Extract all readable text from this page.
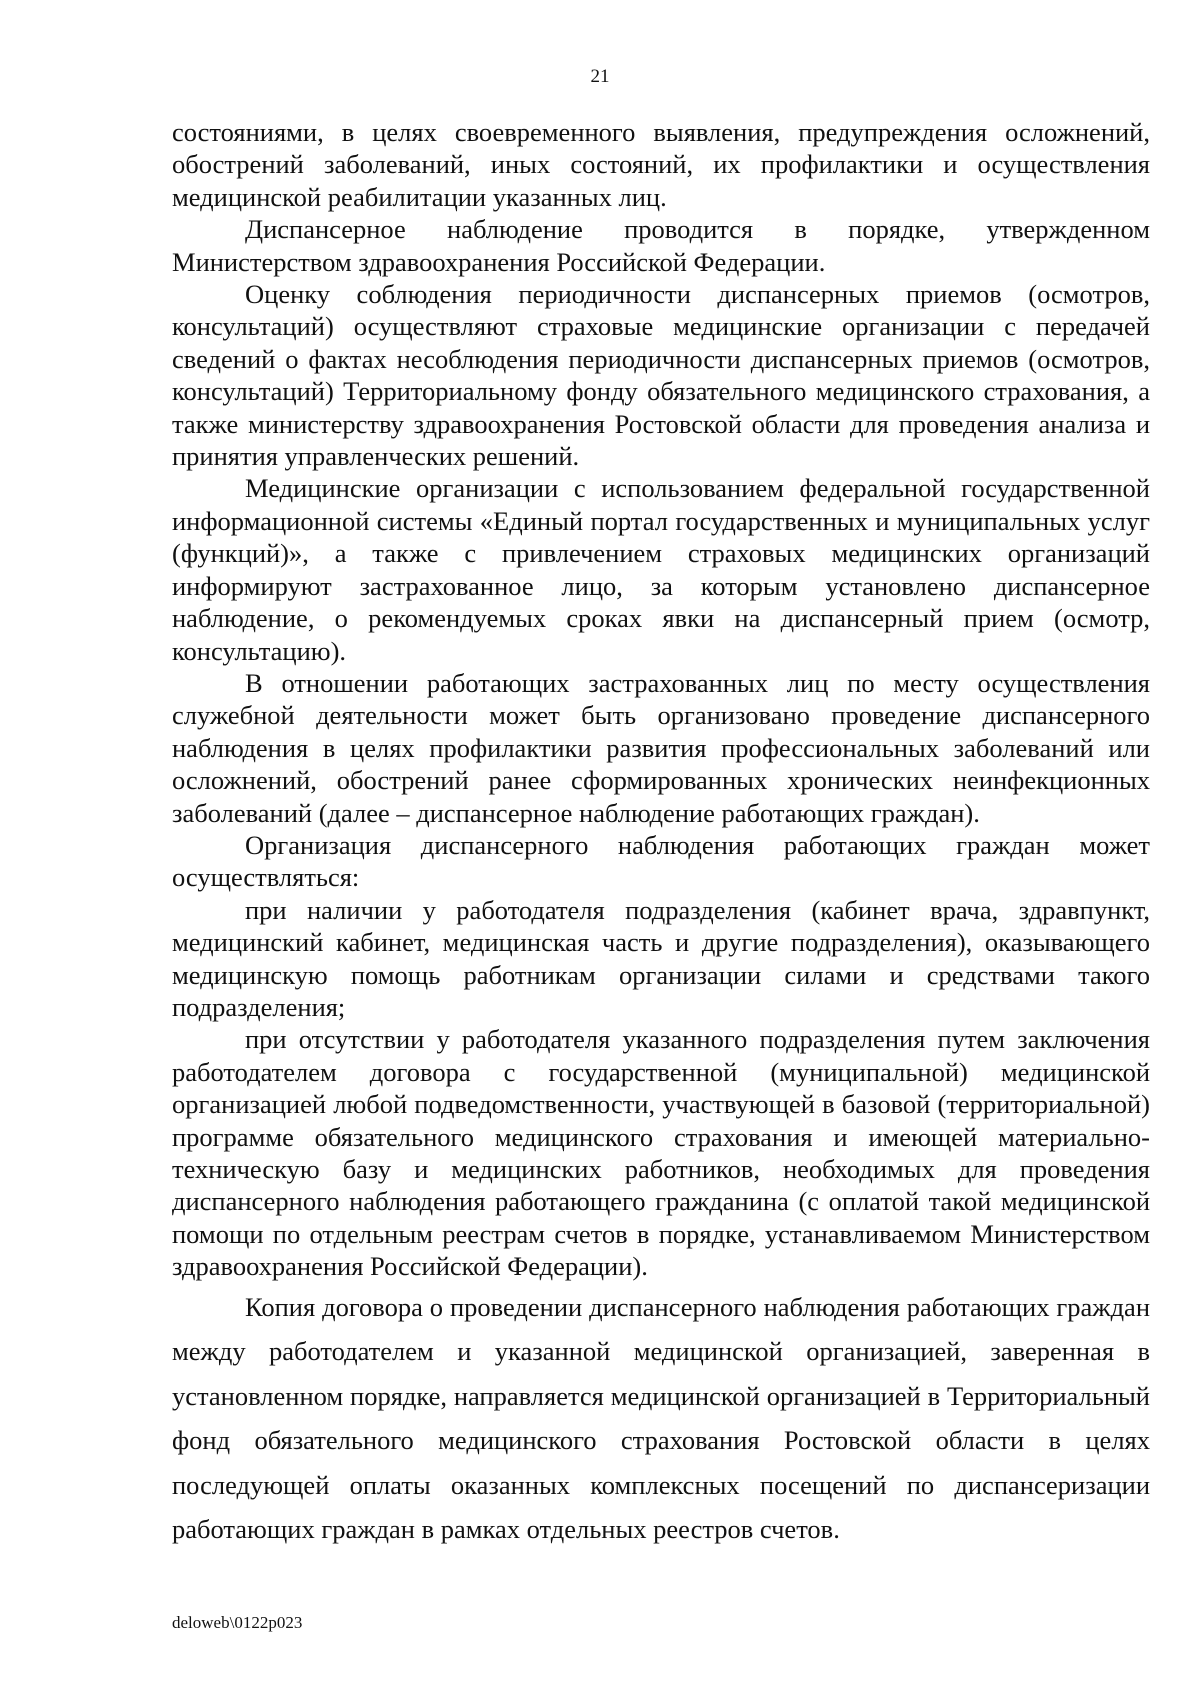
21

состояниями, в целях своевременного выявления, предупреждения осложнений, обострений заболеваний, иных состояний, их профилактики и осуществления медицинской реабилитации указанных лиц.

Диспансерное наблюдение проводится в порядке, утвержденном Министерством здравоохранения Российской Федерации.

Оценку соблюдения периодичности диспансерных приемов (осмотров, консультаций) осуществляют страховые медицинские организации с передачей сведений о фактах несоблюдения периодичности диспансерных приемов (осмотров, консультаций) Территориальному фонду обязательного медицинского страхования, а также министерству здравоохранения Ростовской области для проведения анализа и принятия управленческих решений.

Медицинские организации с использованием федеральной государственной информационной системы «Единый портал государственных и муниципальных услуг (функций)», а также с привлечением страховых медицинских организаций информируют застрахованное лицо, за которым установлено диспансерное наблюдение, о рекомендуемых сроках явки на диспансерный прием (осмотр, консультацию).

В отношении работающих застрахованных лиц по месту осуществления служебной деятельности может быть организовано проведение диспансерного наблюдения в целях профилактики развития профессиональных заболеваний или осложнений, обострений ранее сформированных хронических неинфекционных заболеваний (далее – диспансерное наблюдение работающих граждан).

Организация диспансерного наблюдения работающих граждан может осуществляться:

при наличии у работодателя подразделения (кабинет врача, здравпункт, медицинский кабинет, медицинская часть и другие подразделения), оказывающего медицинскую помощь работникам организации силами и средствами такого подразделения;

при отсутствии у работодателя указанного подразделения путем заключения работодателем договора с государственной (муниципальной) медицинской организацией любой подведомственности, участвующей в базовой (территориальной) программе обязательного медицинского страхования и имеющей материально-техническую базу и медицинских работников, необходимых для проведения диспансерного наблюдения работающего гражданина (с оплатой такой медицинской помощи по отдельным реестрам счетов в порядке, устанавливаемом Министерством здравоохранения Российской Федерации).

Копия договора о проведении диспансерного наблюдения работающих граждан между работодателем и указанной медицинской организацией, заверенная в установленном порядке, направляется медицинской организацией в Территориальный фонд обязательного медицинского страхования Ростовской области в целях последующей оплаты оказанных комплексных посещений по диспансеризации работающих граждан в рамках отдельных реестров счетов.

deloweb\0122p023
